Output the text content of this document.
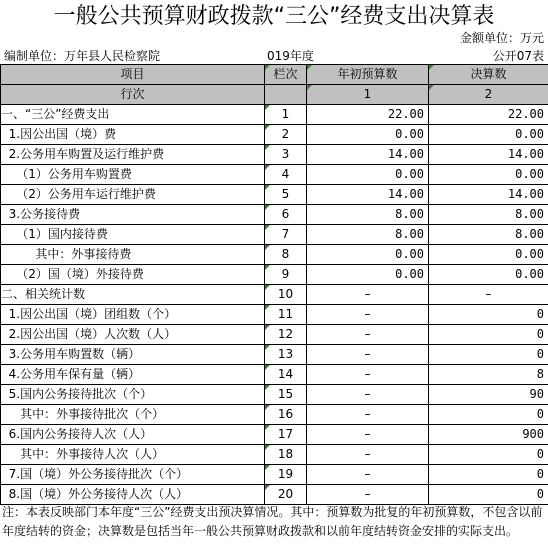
一般公共预算财政拨款“三公”经费支出决算表
金额单位：万元
编制单位：万年县人民检察院	019年度	公开07表
项目	栏次	年初预算数	决算数
行次		1	2
一、“三公”经费支出	1	22.00	22.00
1.因公出国（境）费	2	0.00	0.00
2.公务用车购置及运行维护费	3	14.00	14.00
（1）公务用车购置费	4	0.00	0.00
（2）公务用车运行维护费	5	14.00	14.00
3.公务接待费	6	8.00	8.00
（1）国内接待费	7	8.00	8.00
其中：外事接待费	8	0.00	0.00
（2）国（境）外接待费	9	0.00	0.00
二、相关统计数	10	–	–
1.因公出国（境）团组数（个）	11	–	0
2.因公出国（境）人次数（人）	12	–	0
3.公务用车购置数（辆）	13	–	0
4.公务用车保有量（辆）	14	–	8
5.国内公务接待批次（个）	15	–	90
其中：外事接待批次（个）	16	–	0
6.国内公务接待人次（人）	17	–	900
其中：外事接待人次（人）	18	–	0
7.国（境）外公务接待批次（个）	19	–	0
8.国（境）外公务接待人次（人）	20	–	0
注：本表反映部门本年度“三公”经费支出预决算情况。其中：预算数为批复的年初预算数，不包含以前年度结转的资金；决算数是包括当年一般公共预算财政拨款和以前年度结转资金安排的实际支出。
